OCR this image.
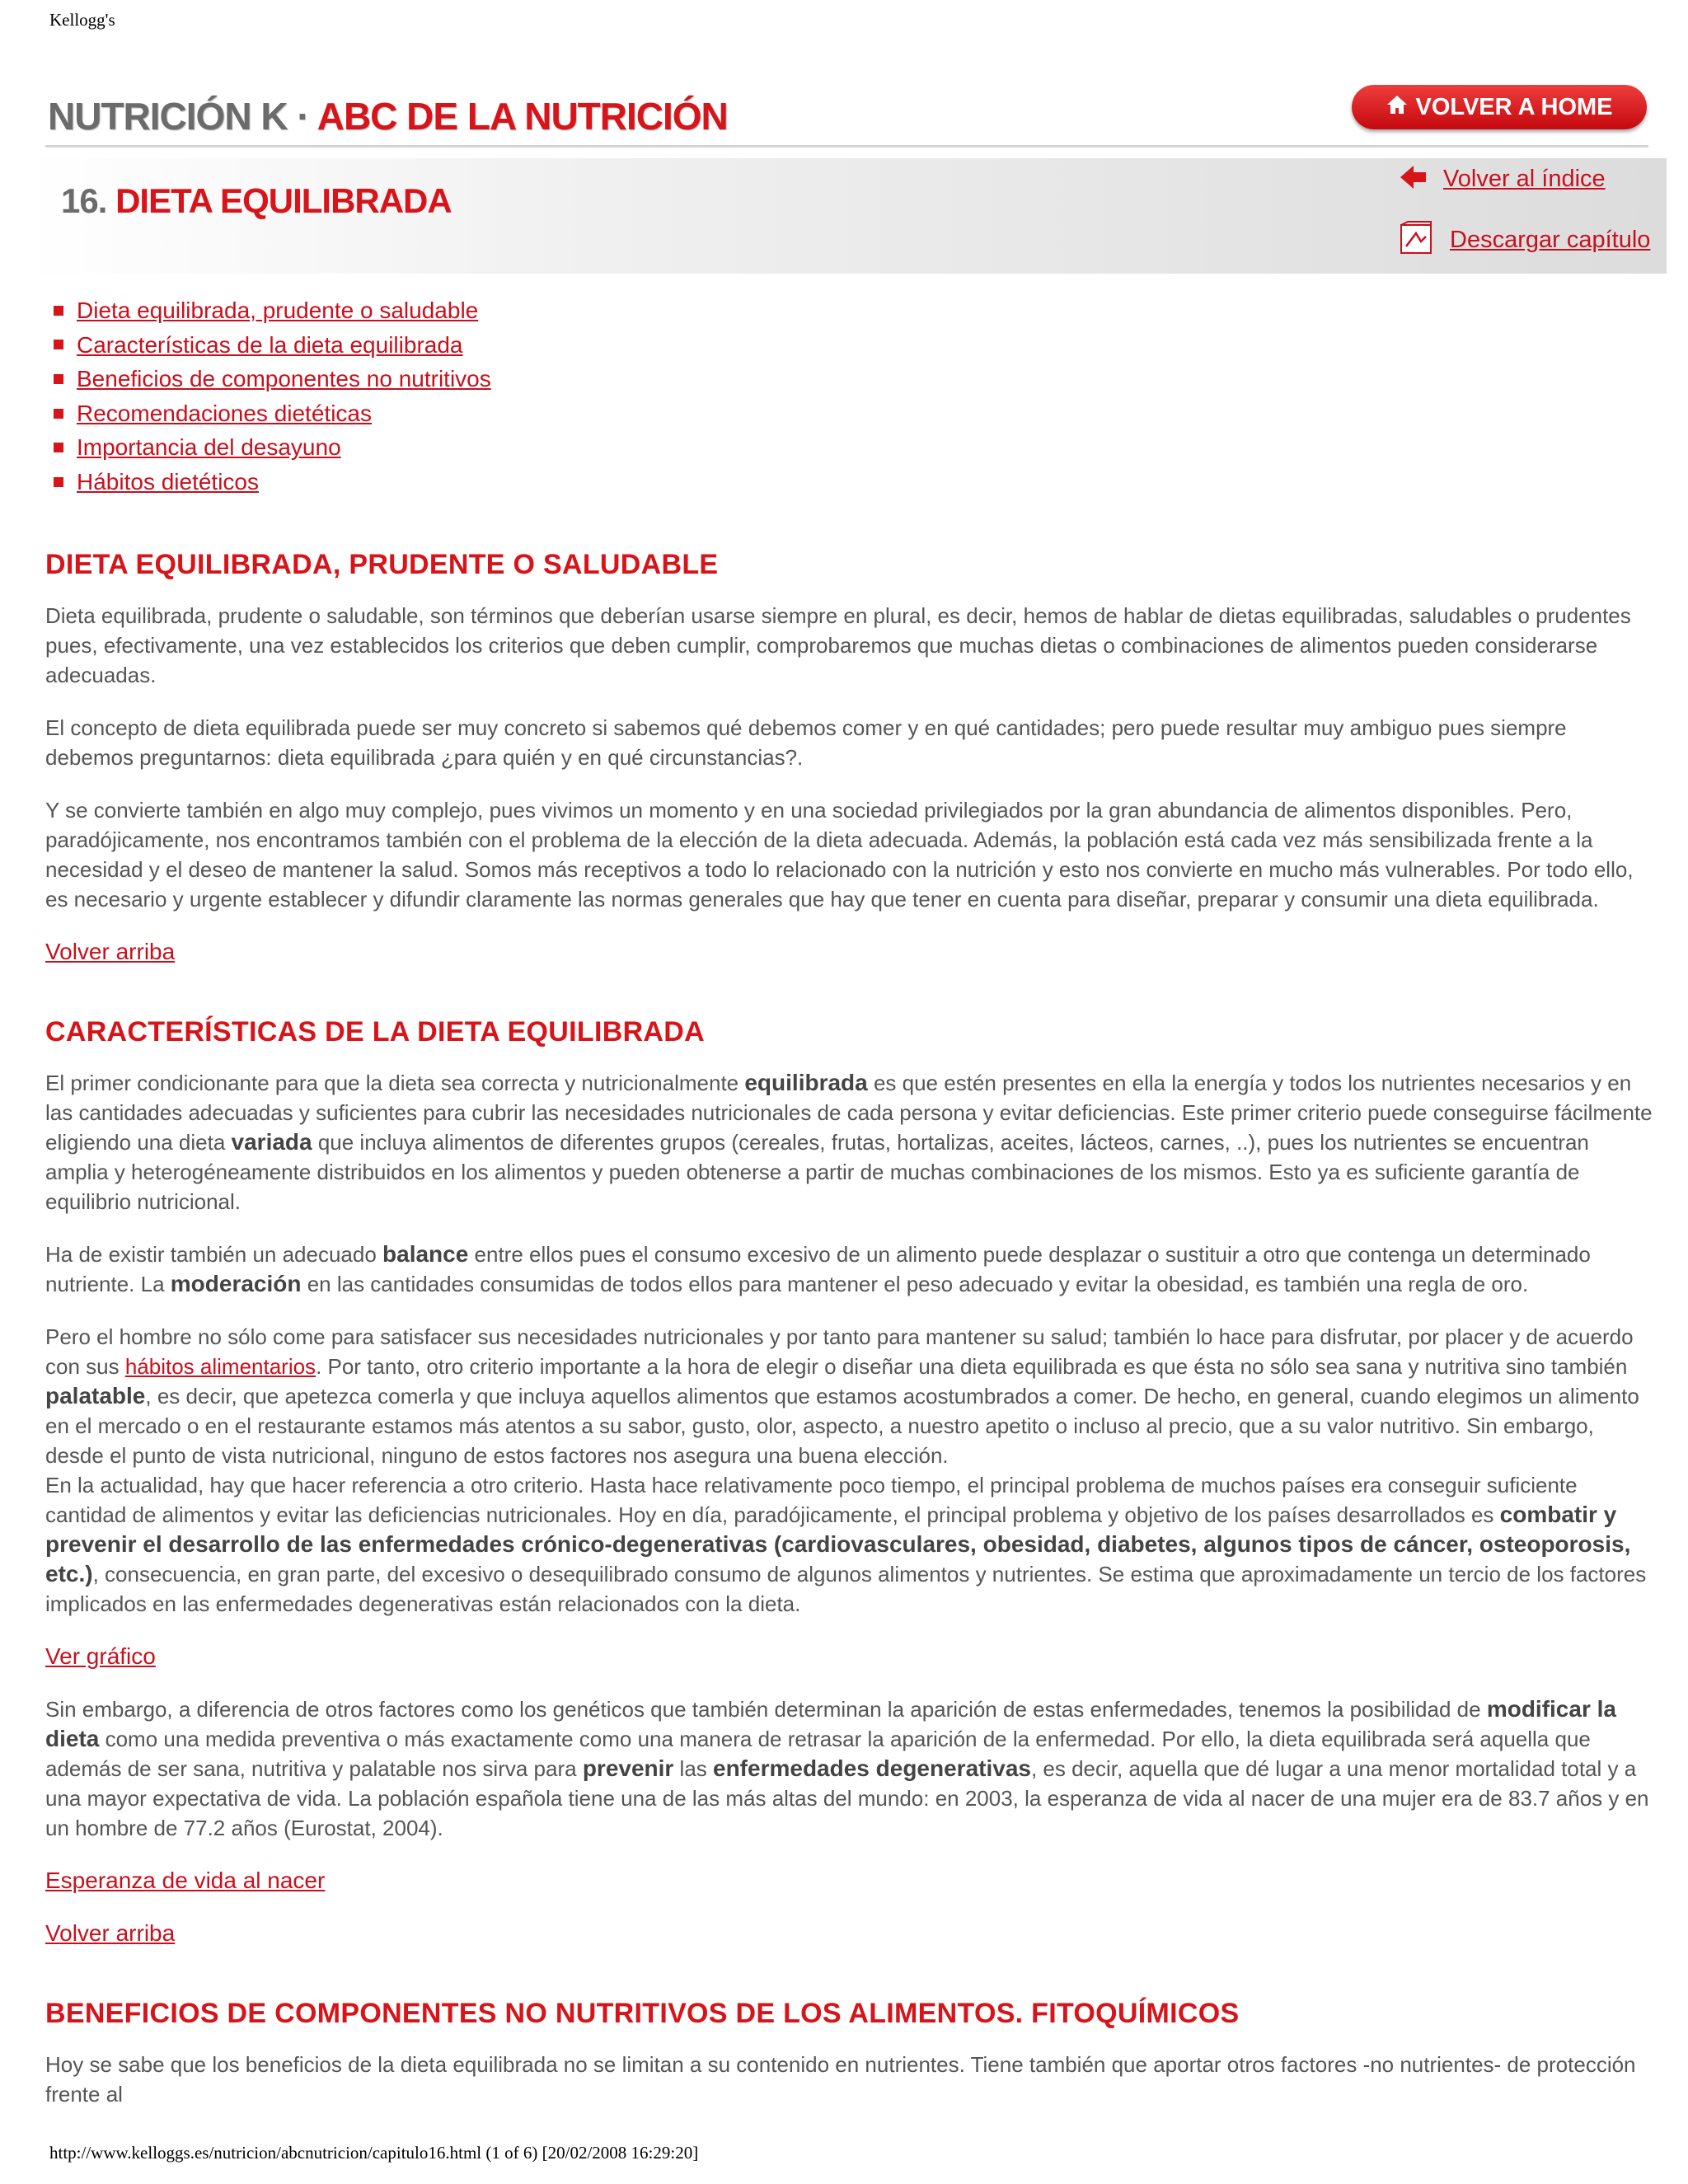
Kellogg's
NUTRICIÓN K · ABC DE LA NUTRICIÓN	VOLVER A HOME
16. DIETA EQUILIBRADA
Volver al índice
Descargar capítulo
Dieta equilibrada, prudente o saludable
Características de la dieta equilibrada
Beneficios de componentes no nutritivos
Recomendaciones dietéticas
Importancia del desayuno
Hábitos dietéticos
DIETA EQUILIBRADA, PRUDENTE O SALUDABLE

Dieta equilibrada, prudente o saludable, son términos que deberían usarse siempre en plural, es decir, hemos de hablar de dietas equilibradas, saludables o prudentes pues, efectivamente, una vez establecidos los criterios que deben cumplir, comprobaremos que muchas dietas o combinaciones de alimentos pueden considerarse adecuadas.

El concepto de dieta equilibrada puede ser muy concreto si sabemos qué debemos comer y en qué cantidades; pero puede resultar muy ambiguo pues siempre debemos preguntarnos: dieta equilibrada ¿para quién y en qué circunstancias?.

Y se convierte también en algo muy complejo, pues vivimos un momento y en una sociedad privilegiados por la gran abundancia de alimentos disponibles. Pero, paradójicamente, nos encontramos también con el problema de la elección de la dieta adecuada. Además, la población está cada vez más sensibilizada frente a la necesidad y el deseo de mantener la salud. Somos más receptivos a todo lo relacionado con la nutrición y esto nos convierte en mucho más vulnerables. Por todo ello, es necesario y urgente establecer y difundir claramente las normas generales que hay que tener en cuenta para diseñar, preparar y consumir una dieta equilibrada.

Volver arriba

CARACTERÍSTICAS DE LA DIETA EQUILIBRADA

El primer condicionante para que la dieta sea correcta y nutricionalmente equilibrada es que estén presentes en ella la energía y todos los nutrientes necesarios y en las cantidades adecuadas y suficientes para cubrir las necesidades nutricionales de cada persona y evitar deficiencias. Este primer criterio puede conseguirse fácilmente eligiendo una dieta variada que incluya alimentos de diferentes grupos (cereales, frutas, hortalizas, aceites, lácteos, carnes, ..), pues los nutrientes se encuentran amplia y heterogéneamente distribuidos en los alimentos y pueden obtenerse a partir de muchas combinaciones de los mismos. Esto ya es suficiente garantía de equilibrio nutricional.

Ha de existir también un adecuado balance entre ellos pues el consumo excesivo de un alimento puede desplazar o sustituir a otro que contenga un determinado nutriente. La moderación en las cantidades consumidas de todos ellos para mantener el peso adecuado y evitar la obesidad, es también una regla de oro.

Pero el hombre no sólo come para satisfacer sus necesidades nutricionales y por tanto para mantener su salud; también lo hace para disfrutar, por placer y de acuerdo con sus hábitos alimentarios. Por tanto, otro criterio importante a la hora de elegir o diseñar una dieta equilibrada es que ésta no sólo sea sana y nutritiva sino también palatable, es decir, que apetezca comerla y que incluya aquellos alimentos que estamos acostumbrados a comer. De hecho, en general, cuando elegimos un alimento en el mercado o en el restaurante estamos más atentos a su sabor, gusto, olor, aspecto, a nuestro apetito o incluso al precio, que a su valor nutritivo. Sin embargo, desde el punto de vista nutricional, ninguno de estos factores nos asegura una buena elección.

En la actualidad, hay que hacer referencia a otro criterio. Hasta hace relativamente poco tiempo, el principal problema de muchos países era conseguir suficiente cantidad de alimentos y evitar las deficiencias nutricionales. Hoy en día, paradójicamente, el principal problema y objetivo de los países desarrollados es combatir y prevenir el desarrollo de las enfermedades crónico-degenerativas (cardiovasculares, obesidad, diabetes, algunos tipos de cáncer, osteoporosis, etc.), consecuencia, en gran parte, del excesivo o desequilibrado consumo de algunos alimentos y nutrientes. Se estima que aproximadamente un tercio de los factores implicados en las enfermedades degenerativas están relacionados con la dieta.

Ver gráfico

Sin embargo, a diferencia de otros factores como los genéticos que también determinan la aparición de estas enfermedades, tenemos la posibilidad de modificar la dieta como una medida preventiva o más exactamente como una manera de retrasar la aparición de la enfermedad. Por ello, la dieta equilibrada será aquella que además de ser sana, nutritiva y palatable nos sirva para prevenir las enfermedades degenerativas, es decir, aquella que dé lugar a una menor mortalidad total y a una mayor expectativa de vida. La población española tiene una de las más altas del mundo: en 2003, la esperanza de vida al nacer de una mujer era de 83.7 años y en un hombre de 77.2 años (Eurostat, 2004).

Esperanza de vida al nacer

Volver arriba

BENEFICIOS DE COMPONENTES NO NUTRITIVOS DE LOS ALIMENTOS. FITOQUÍMICOS

Hoy se sabe que los beneficios de la dieta equilibrada no se limitan a su contenido en nutrientes. Tiene también que aportar otros factores -no nutrientes- de protección frente al

http://www.kelloggs.es/nutricion/abcnutricion/capitulo16.html (1 of 6) [20/02/2008 16:29:20]
